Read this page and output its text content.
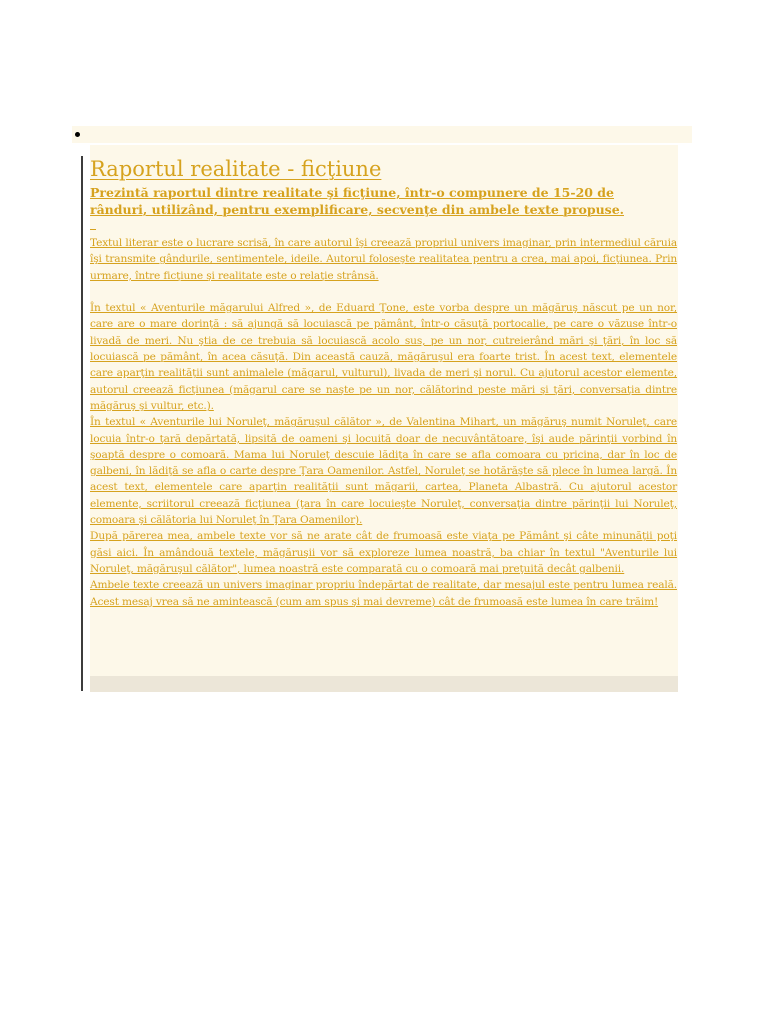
Raportul realitate - ficţiune
Prezintă raportul dintre realitate şi ficţiune, într-o compunere de 15-20 de rânduri, utilizând, pentru exemplificare, secvenţe din ambele texte propuse.

Textul literar este o lucrare scrisă, în care autorul îşi creează propriul univers imaginar, prin intermediul căruia îşi transmite gândurile, sentimentele, ideile. Autorul foloseşte realitatea pentru a crea, mai apoi, ficţiunea. Prin urmare, între ficţiune şi realitate este o relaţie strânsă.

În textul « Aventurile măgarului Alfred », de Eduard Ţone, este vorba despre un măgăruş născut pe un nor, care are o mare dorinţă : să ajungă să locuiască pe pământ, într-o căsuţă portocalie, pe care o văzuse într-o livadă de meri. Nu ştia de ce trebuia să locuiască acolo sus, pe un nor, cutreierând mări şi ţări, în loc să locuiască pe pământ, în acea căsuţă. Din această cauză, măgăruşul era foarte trist. În acest text, elementele care aparţin realităţii sunt animalele (măgarul, vulturul), livada de meri şi norul. Cu ajutorul acestor elemente, autorul creează ficţiunea (măgarul care se naşte pe un nor, călătorind peste mări şi ţări, conversaţia dintre măgăruş şi vultur, etc.).

În textul « Aventurile lui Noruleţ, măgăruşul călător », de Valentina Mihart, un măgăruş numit Noruleţ, care locuia într-o ţară depărtată, lipsită de oameni şi locuită doar de necuvântătoare, îşi aude părinţii vorbind în şoaptă despre o comoară. Mama lui Noruleţ descuie lădiţa în care se afla comoara cu pricina, dar în loc de galbeni, în lădiţă se afla o carte despre Ţara Oamenilor. Astfel, Noruleţ se hotărăşte să plece în lumea largă. În acest text, elementele care aparţin realităţii sunt măgarii, cartea, Planeta Albastră. Cu ajutorul acestor elemente, scriitorul creează ficţiunea (ţara în care locuieşte Noruleţ, conversaţia dintre părinţii lui Noruleţ, comoara şi călătoria lui Noruleţ în Ţara Oamenilor).

După părerea mea, ambele texte vor să ne arate cât de frumoasă este viaţa pe Pământ şi câte minunăţii poţi găsi aici. În amândouă textele, măgăruşii vor să exploreze lumea noastră, ba chiar în textul "Aventurile lui Noruleţ, măgăruşul călător", lumea noastră este comparată cu o comoară mai preţuită decât galbenii.

Ambele texte creează un univers imaginar propriu îndepărtat de realitate, dar mesajul este pentru lumea reală. Acest mesaj vrea să ne amintească (cum am spus şi mai devreme) cât de frumoasă este lumea în care trăim!
